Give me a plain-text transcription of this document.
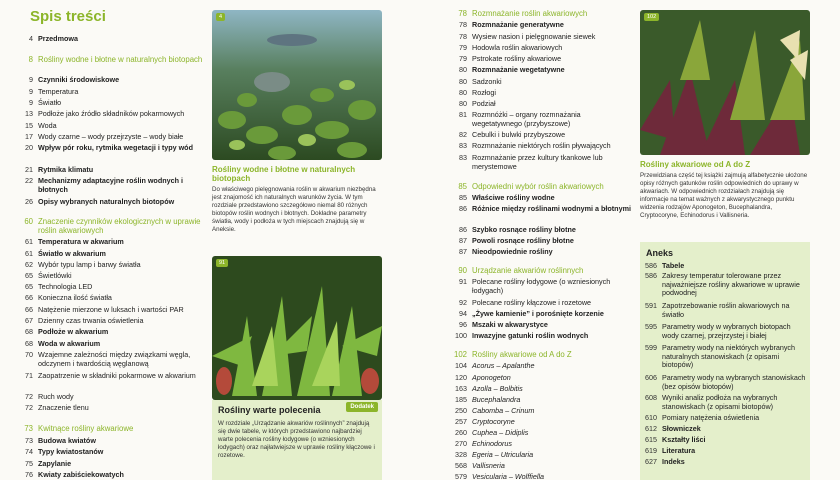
Spis treści
4 Przedmowa
8 Rośliny wodne i błotne w naturalnych biotopach
9 Czynniki środowiskowe
9 Temperatura
9 Światło
13 Podłoże jako źródło składników pokarmowych
15 Woda
17 Wody czarne – wody przejrzyste – wody białe
20 Wpływ pór roku, rytmika wegetacji i typy wód
21 Rytmika klimatu
22 Mechanizmy adaptacyjne roślin wodnych i błotnych
26 Opisy wybranych naturalnych biotopów
60 Znaczenie czynników ekologicznych w uprawie roślin akwariowych
61 Temperatura w akwarium
61 Światło w akwarium
62 Wybór typu lamp i barwy światła
65 Świetlówki
65 Technologia LED
66 Konieczna ilość światła
66 Natężenie mierzone w luksach i wartości PAR
67 Dzienny czas trwania oświetlenia
68 Podłoże w akwarium
68 Woda w akwarium
70 Wzajemne zależności między związkami węgla, odczynem i twardością węglanową
71 Zaopatrzenie w składniki pokarmowe w akwarium
72 Ruch wody
72 Znaczenie tlenu
73 Kwitnące rośliny akwariowe
73 Budowa kwiatów
74 Typy kwiatostanów
75 Zapylanie
76 Kwiaty zabiściekowatych
78 Rozmnażanie roślin akwariowych
78 Rozmnażanie generatywne
78 Wysiew nasion i pielęgnowanie siewek
79 Hodowla roślin akwariowych
79 Pstrokate rośliny akwariowe
80 Rozmnażanie wegetatywne
80 Sadzonki
80 Rozłogi
80 Podział
81 Rozmnóżki – organy rozmnażania wegetatywnego (przybyszowe)
82 Cebulki i bulwki przybyszowe
83 Rozmnażanie niektórych roślin pływających
83 Rozmnażanie przez kultury tkankowe lub merystemowe
85 Odpowiedni wybór roślin akwariowych
85 Właściwe rośliny wodne
86 Różnice między roślinami wodnymi a błotnymi
86 Szybko rosnące rośliny błotne
87 Powoli rosnące rośliny błotne
87 Nieodpowiednie rośliny
90 Urządzanie akwariów roślinnych
91 Polecane rośliny łodygowe (o wzniesionych łodygach)
92 Polecane rośliny kłączowe i rozetowe
94 „Żywe kamienie” i porośnięte korzenie
96 Mszaki w akwarystyce
100 Inwazyjne gatunki roślin wodnych
102 Rośliny akwariowe od A do Z
104 Acorus – Apalanthe
120 Aponogeton
163 Azolla – Bolbitis
185 Bucephalandra
250 Cabomba – Crinum
257 Cryptocoryne
260 Cuphea – Didiplis
270 Echinodorus
328 Egeria – Utricularia
568 Vallisneria
579 Vesicularia – Wolffiella
4
Rośliny wodne i błotne w naturalnych biotopach
Do właściwego pielęgnowania roślin w akwarium niezbędna jest znajomość ich naturalnych warunków życia. W tym rozdziale przedstawiono szczegółowo niemal 80 różnych biotopów roślin wodnych i błotnych. Dokładne parametry światła, wody i podłoża w tych miejscach znajdują się w Aneksie.
91
Rośliny warte polecenia	Dodatek
W rozdziale „Urządzanie akwariów roślinnych” znajdują się dwie tabele, w których przedstawiono najbardziej warte polecenia rośliny łodygowe (o wzniesionych łodygach) oraz najłatwiejsze w uprawie rośliny kłączowe i rozetowe.
102
Rośliny akwariowe od A do Z
Przewidziana część tej książki zajmują alfabetycznie ułożone opisy różnych gatunków roślin odpowiednich do uprawy w akwariach. W odpowiednich rozdziałach znajdują się informacje na temat ważnych z akwarystycznego punktu widzenia rodzajów Aponogeton, Bucephalandra, Cryptocoryne, Echinodorus i Vallisneria.
Aneks
586 Tabele
586 Zakresy temperatur tolerowane przez najważniejsze rośliny akwariowe w uprawie podwodnej
591 Zapotrzebowanie roślin akwariowych na światło
595 Parametry wody w wybranych biotopach wody czarnej, przejrzystej i białej
599 Parametry wody na niektórych wybranych naturalnych stanowiskach (z opisami biotopów)
606 Parametry wody na wybranych stanowiskach (bez opisów biotopów)
608 Wyniki analiz podłoża na wybranych stanowiskach (z opisami biotopów)
610 Pomiary natężenia oświetlenia
612 Słowniczek
615 Kształty liści
619 Literatura
627 Indeks
